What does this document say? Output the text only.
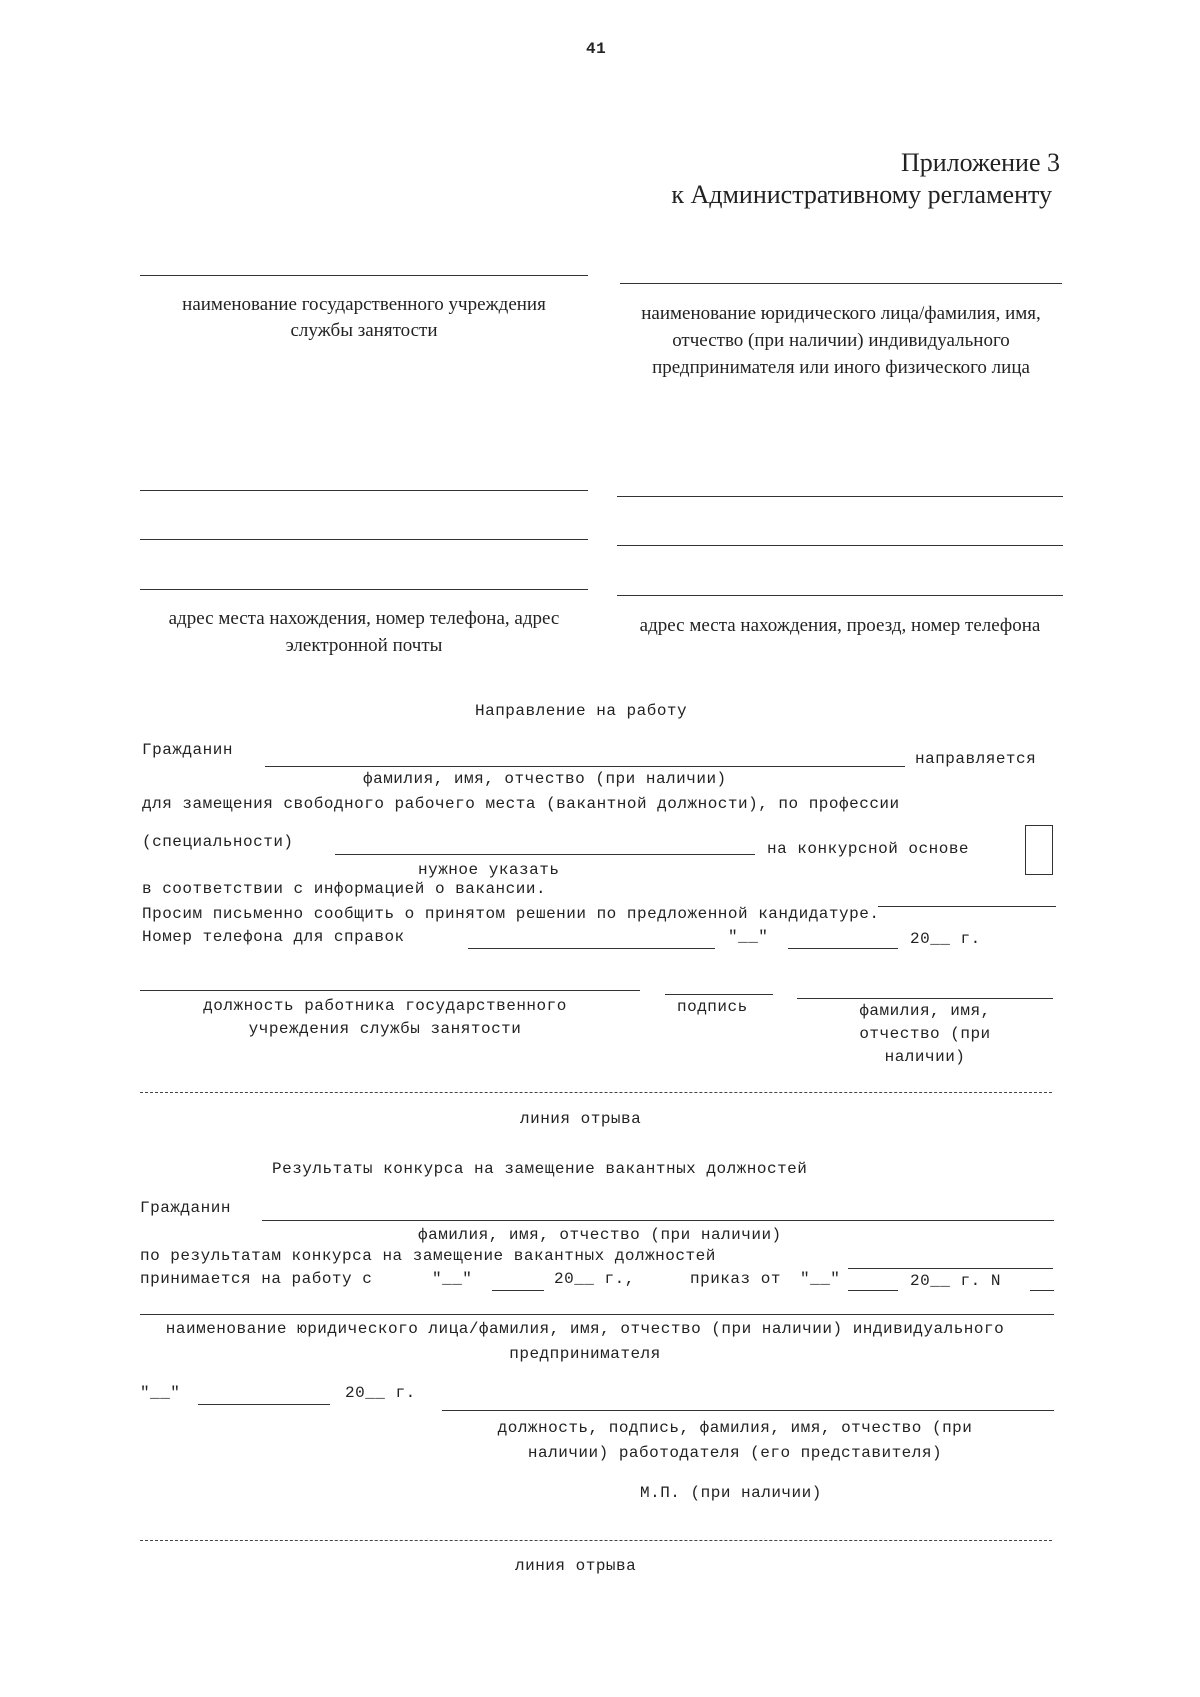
41
Приложение 3
к Административному регламенту
наименование государственного учреждения службы занятости
наименование юридического лица/фамилия, имя, отчество (при наличии) индивидуального предпринимателя или иного физического лица
адрес места нахождения, номер телефона, адрес электронной почты
адрес места нахождения, проезд, номер телефона
Направление на работу
Гражданин	направляется
фамилия, имя, отчество (при наличии)
для замещения свободного рабочего места (вакантной должности), по профессии
(специальности)	на конкурсной основе
нужное указать
в соответствии с информацией о вакансии.
Просим письменно сообщить о принятом решении по предложенной кандидатуре.
Номер телефона для справок	"__"	20__ г.
должность работника государственного учреждения службы занятости
подпись	фамилия, имя, отчество (при наличии)
линия отрыва
Результаты конкурса на замещение вакантных должностей
Гражданин
фамилия, имя, отчество (при наличии)
по результатам конкурса на замещение вакантных должностей
принимается на работу с	"__"	20__ г.,	приказ от "__"	20__ г. N
наименование юридического лица/фамилия, имя, отчество (при наличии) индивидуального предпринимателя
"__"	20__ г.
должность, подпись, фамилия, имя, отчество (при наличии) работодателя (его представителя)
М.П. (при наличии)
линия отрыва
